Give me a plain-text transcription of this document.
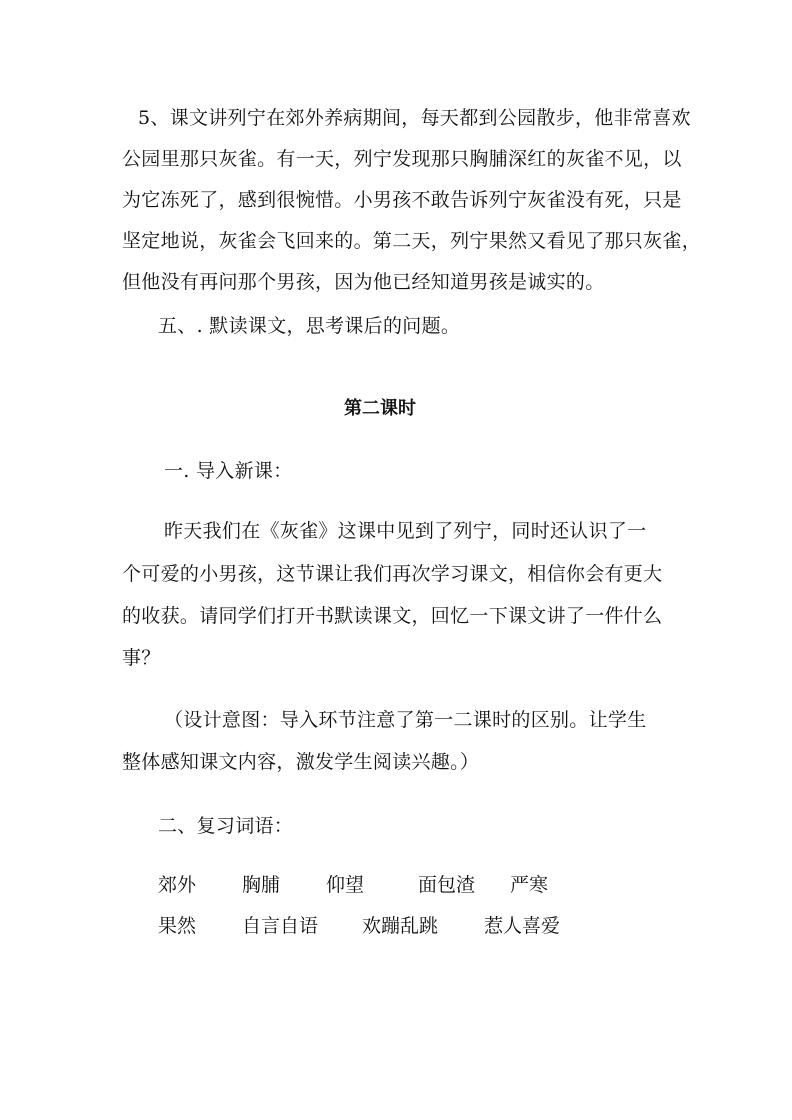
5、课文讲列宁在郊外养病期间，每天都到公园散步，他非常喜欢
公园里那只灰雀。有一天，列宁发现那只胸脯深红的灰雀不见，以
为它冻死了，感到很惋惜。小男孩不敢告诉列宁灰雀没有死，只是
坚定地说，灰雀会飞回来的。第二天，列宁果然又看见了那只灰雀，
但他没有再问那个男孩，因为他已经知道男孩是诚实的。
五、. 默读课文，思考课后的问题。
第二课时
一. 导入新课：
昨天我们在《灰雀》这课中见到了列宁，同时还认识了一
个可爱的小男孩，这节课让我们再次学习课文，相信你会有更大
的收获。请同学们打开书默读课文，回忆一下课文讲了一件什么
事？
（设计意图：导入环节注意了第一二课时的区别。让学生
整体感知课文内容，激发学生阅读兴趣。）
二、复习词语：
郊外 胸脯 仰望	面包渣 严寒
果然 自言自语 欢蹦乱跳 惹人喜爱
